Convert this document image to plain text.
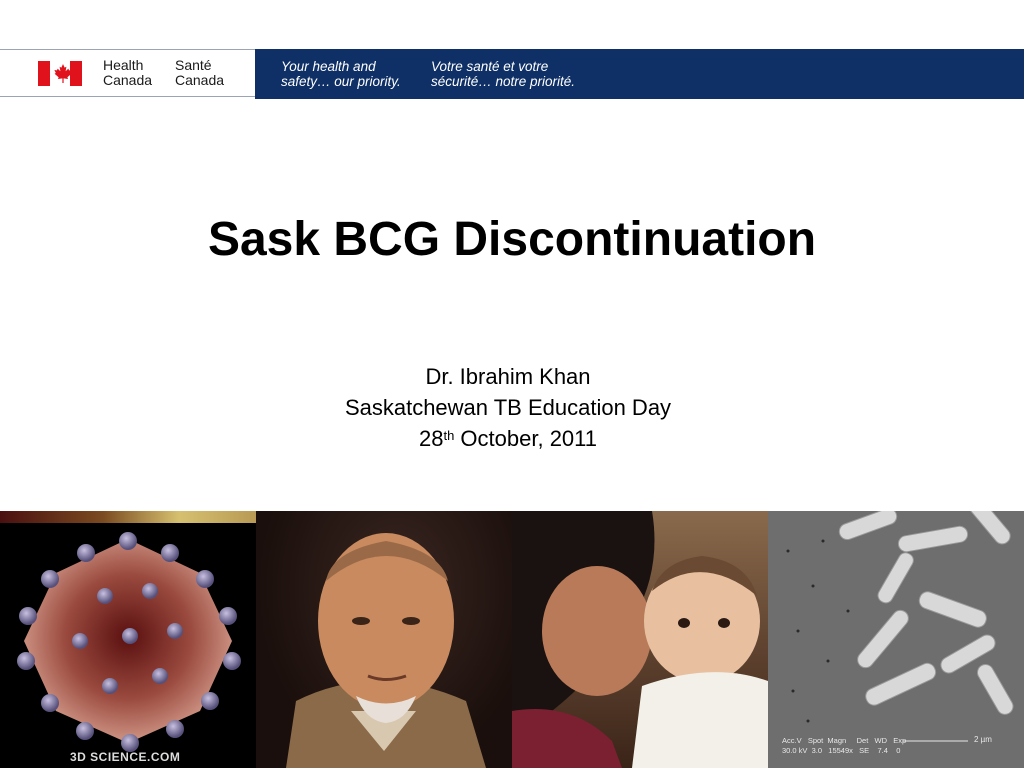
Health	Santé
Canada	Canada
Your health and
safety… our priority.
Votre santé et votre
sécurité… notre priorité.
Sask BCG Discontinuation
Dr. Ibrahim Khan
Saskatchewan TB Education Day
28th October, 2011
3D SCIENCE.COM
Acc.V   Spot  Magn     Det   WD   Exp
30.0 kV  3.0   15549x   SE    7.4    0
2 µm
